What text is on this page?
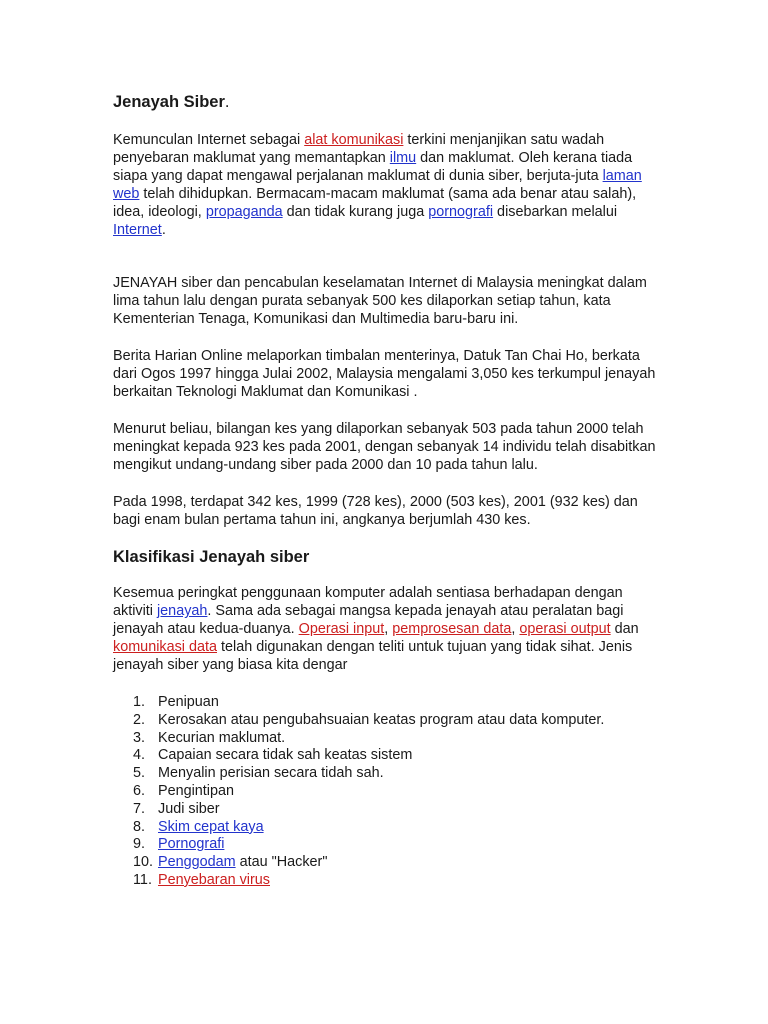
Jenayah Siber.

Kemunculan Internet sebagai alat komunikasi terkini menjanjikan satu wadah penyebaran maklumat yang memantapkan ilmu dan maklumat. Oleh kerana tiada siapa yang dapat mengawal perjalanan maklumat di dunia siber, berjuta-juta laman web telah dihidupkan. Bermacam-macam maklumat (sama ada benar atau salah), idea, ideologi, propaganda dan tidak kurang juga pornografi disebarkan melalui Internet.

JENAYAH siber dan pencabulan keselamatan Internet di Malaysia meningkat dalam lima tahun lalu dengan purata sebanyak 500 kes dilaporkan setiap tahun, kata Kementerian Tenaga, Komunikasi dan Multimedia baru-baru ini.

Berita Harian Online melaporkan timbalan menterinya, Datuk Tan Chai Ho, berkata dari Ogos 1997 hingga Julai 2002, Malaysia mengalami 3,050 kes terkumpul jenayah berkaitan Teknologi Maklumat dan Komunikasi .

Menurut beliau, bilangan kes yang dilaporkan sebanyak 503 pada tahun 2000 telah meningkat kepada 923 kes pada 2001, dengan sebanyak 14 individu telah disabitkan mengikut undang-undang siber pada 2000 dan 10 pada tahun lalu.

Pada 1998, terdapat 342 kes, 1999 (728 kes), 2000 (503 kes), 2001 (932 kes) dan bagi enam bulan pertama tahun ini, angkanya berjumlah 430 kes.

Klasifikasi Jenayah siber

Kesemua peringkat penggunaan komputer adalah sentiasa berhadapan dengan aktiviti jenayah. Sama ada sebagai mangsa kepada jenayah atau peralatan bagi jenayah atau kedua-duanya. Operasi input, pemprosesan data, operasi output dan komunikasi data telah digunakan dengan teliti untuk tujuan yang tidak sihat. Jenis jenayah siber yang biasa kita dengar

1. Penipuan
2. Kerosakan atau pengubahsuaian keatas program atau data komputer.
3. Kecurian maklumat.
4. Capaian secara tidak sah keatas sistem
5. Menyalin perisian secara tidah sah.
6. Pengintipan
7. Judi siber
8. Skim cepat kaya
9. Pornografi
10. Penggodam atau "Hacker"
11. Penyebaran virus
